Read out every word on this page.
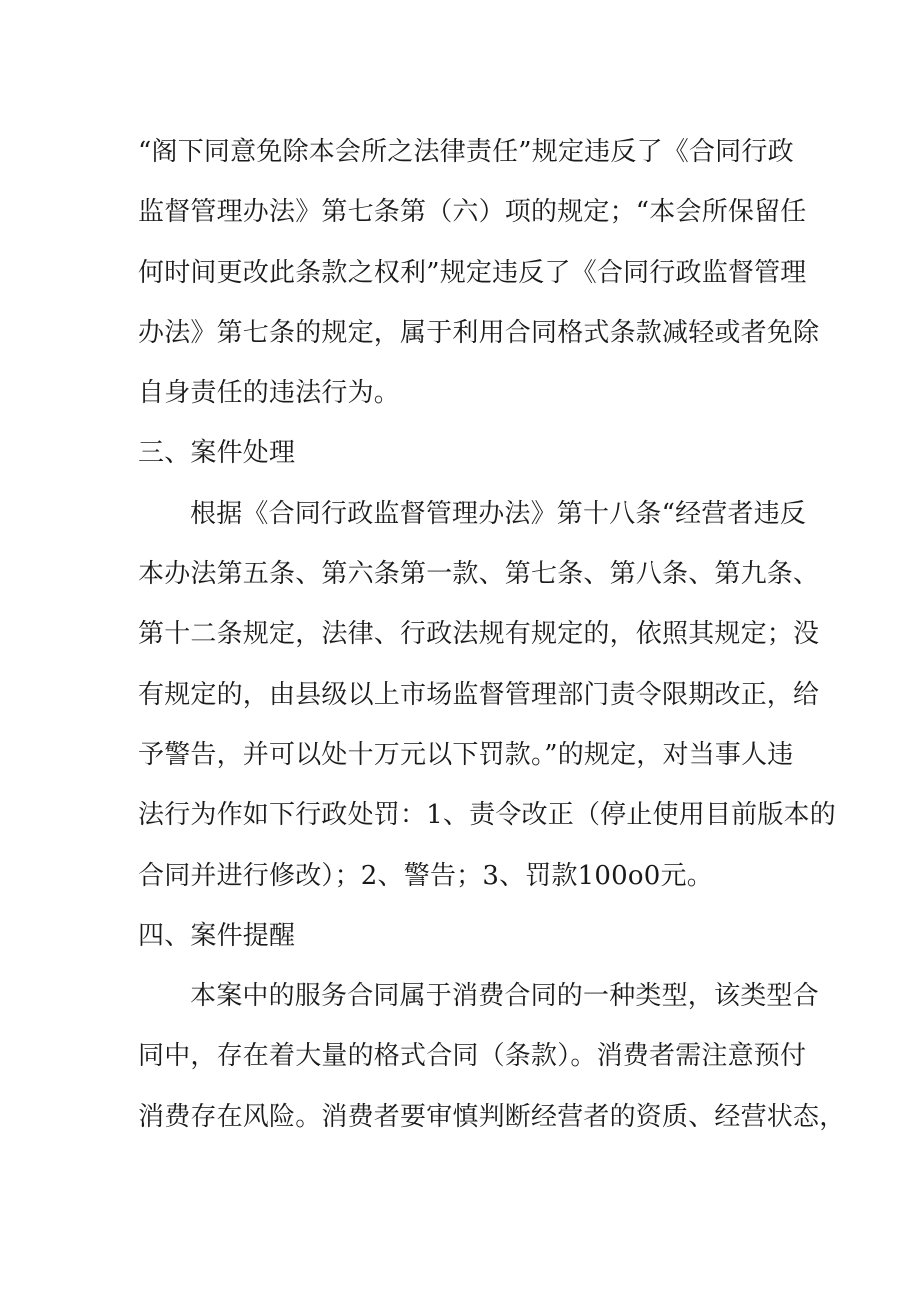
“阁下同意免除本会所之法律责任”规定违反了《合同行政
监督管理办法》第七条第（六）项的规定；“本会所保留任
何时间更改此条款之权利”规定违反了《合同行政监督管理
办法》第七条的规定，属于利用合同格式条款减轻或者免除
自身责任的违法行为。
三、案件处理
根据《合同行政监督管理办法》第十八条“经营者违反
本办法第五条、第六条第一款、第七条、第八条、第九条、
第十二条规定，法律、行政法规有规定的，依照其规定；没
有规定的，由县级以上市场监督管理部门责令限期改正，给
予警告，并可以处十万元以下罚款。”的规定，对当事人违
法行为作如下行政处罚：1、责令改正（停止使用目前版本的
合同并进行修改）；2、警告；3、罚款100o0元。
四、案件提醒
本案中的服务合同属于消费合同的一种类型，该类型合
同中，存在着大量的格式合同（条款）。消费者需注意预付
消费存在风险。消费者要审慎判断经营者的资质、经营状态，
